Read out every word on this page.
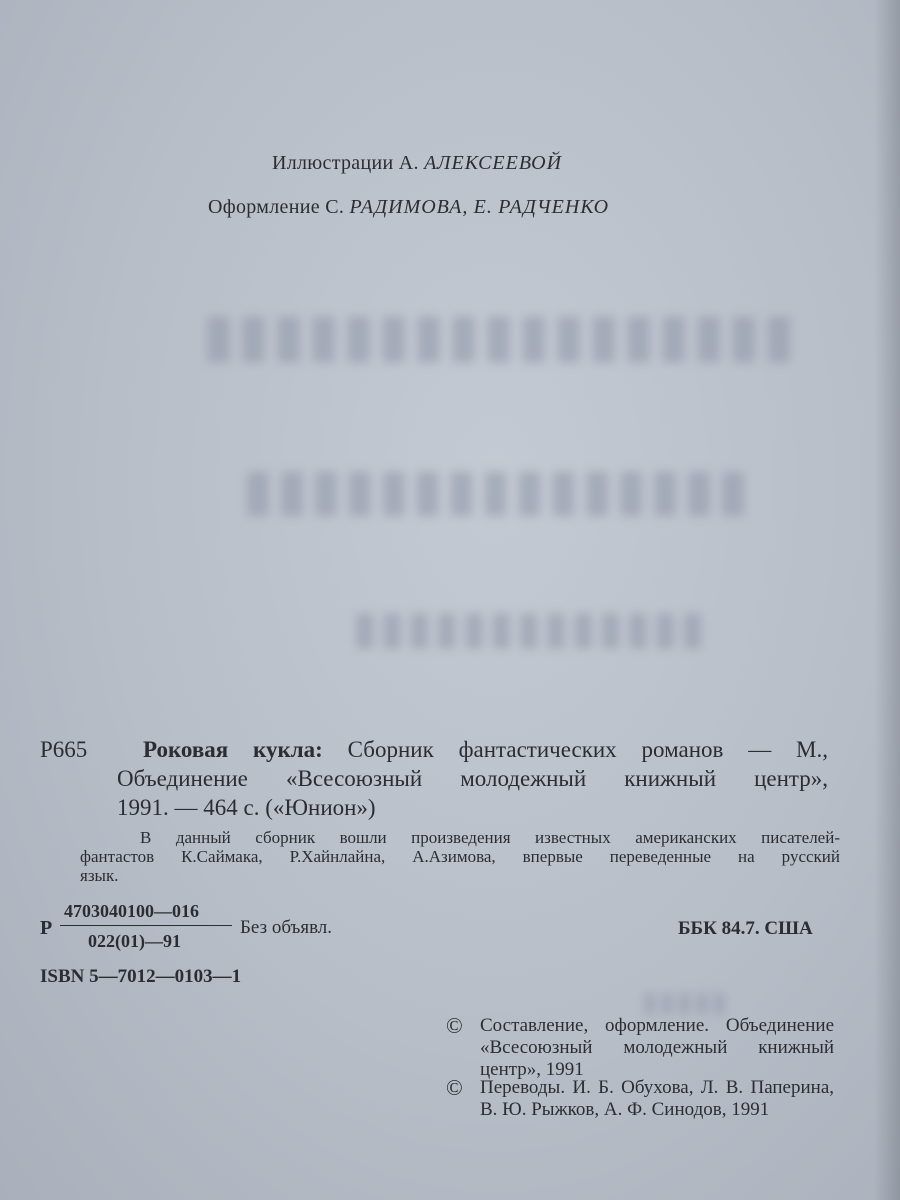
▮▮▮▮▮▮▮▮▮▮▮▮▮▮▮▮▮
▮▮▮▮▮▮▮▮▮▮▮▮▮▮▮
▮▮▮▮▮▮▮▮▮▮▮▮▮
▮▮▮▮▮
Иллюстрации А. АЛЕКСЕЕВОЙ
Оформление С. РАДИМОВА, Е. РАДЧЕНКО
Р665 Роковая кукла: Сборник фантастических романов — М.,
Объединение «Всесоюзный молодежный книжный центр»,
1991. — 464 с. («Юнион»)
В данный сборник вошли произведения известных американских писателей-
фантастов К.Саймака, Р.Хайнлайна, А.Азимова, впервые переведенные на русский
язык.
Р
4703040100—016
022(01)—91
Без объявл.	ББК 84.7. США
ISBN 5—7012—0103—1
© Составление, оформление. Объединение «Всесоюзный молодежный книжный центр», 1991
© Переводы. И. Б. Обухова, Л. В. Паперина, В. Ю. Рыжков, А. Ф. Синодов, 1991
